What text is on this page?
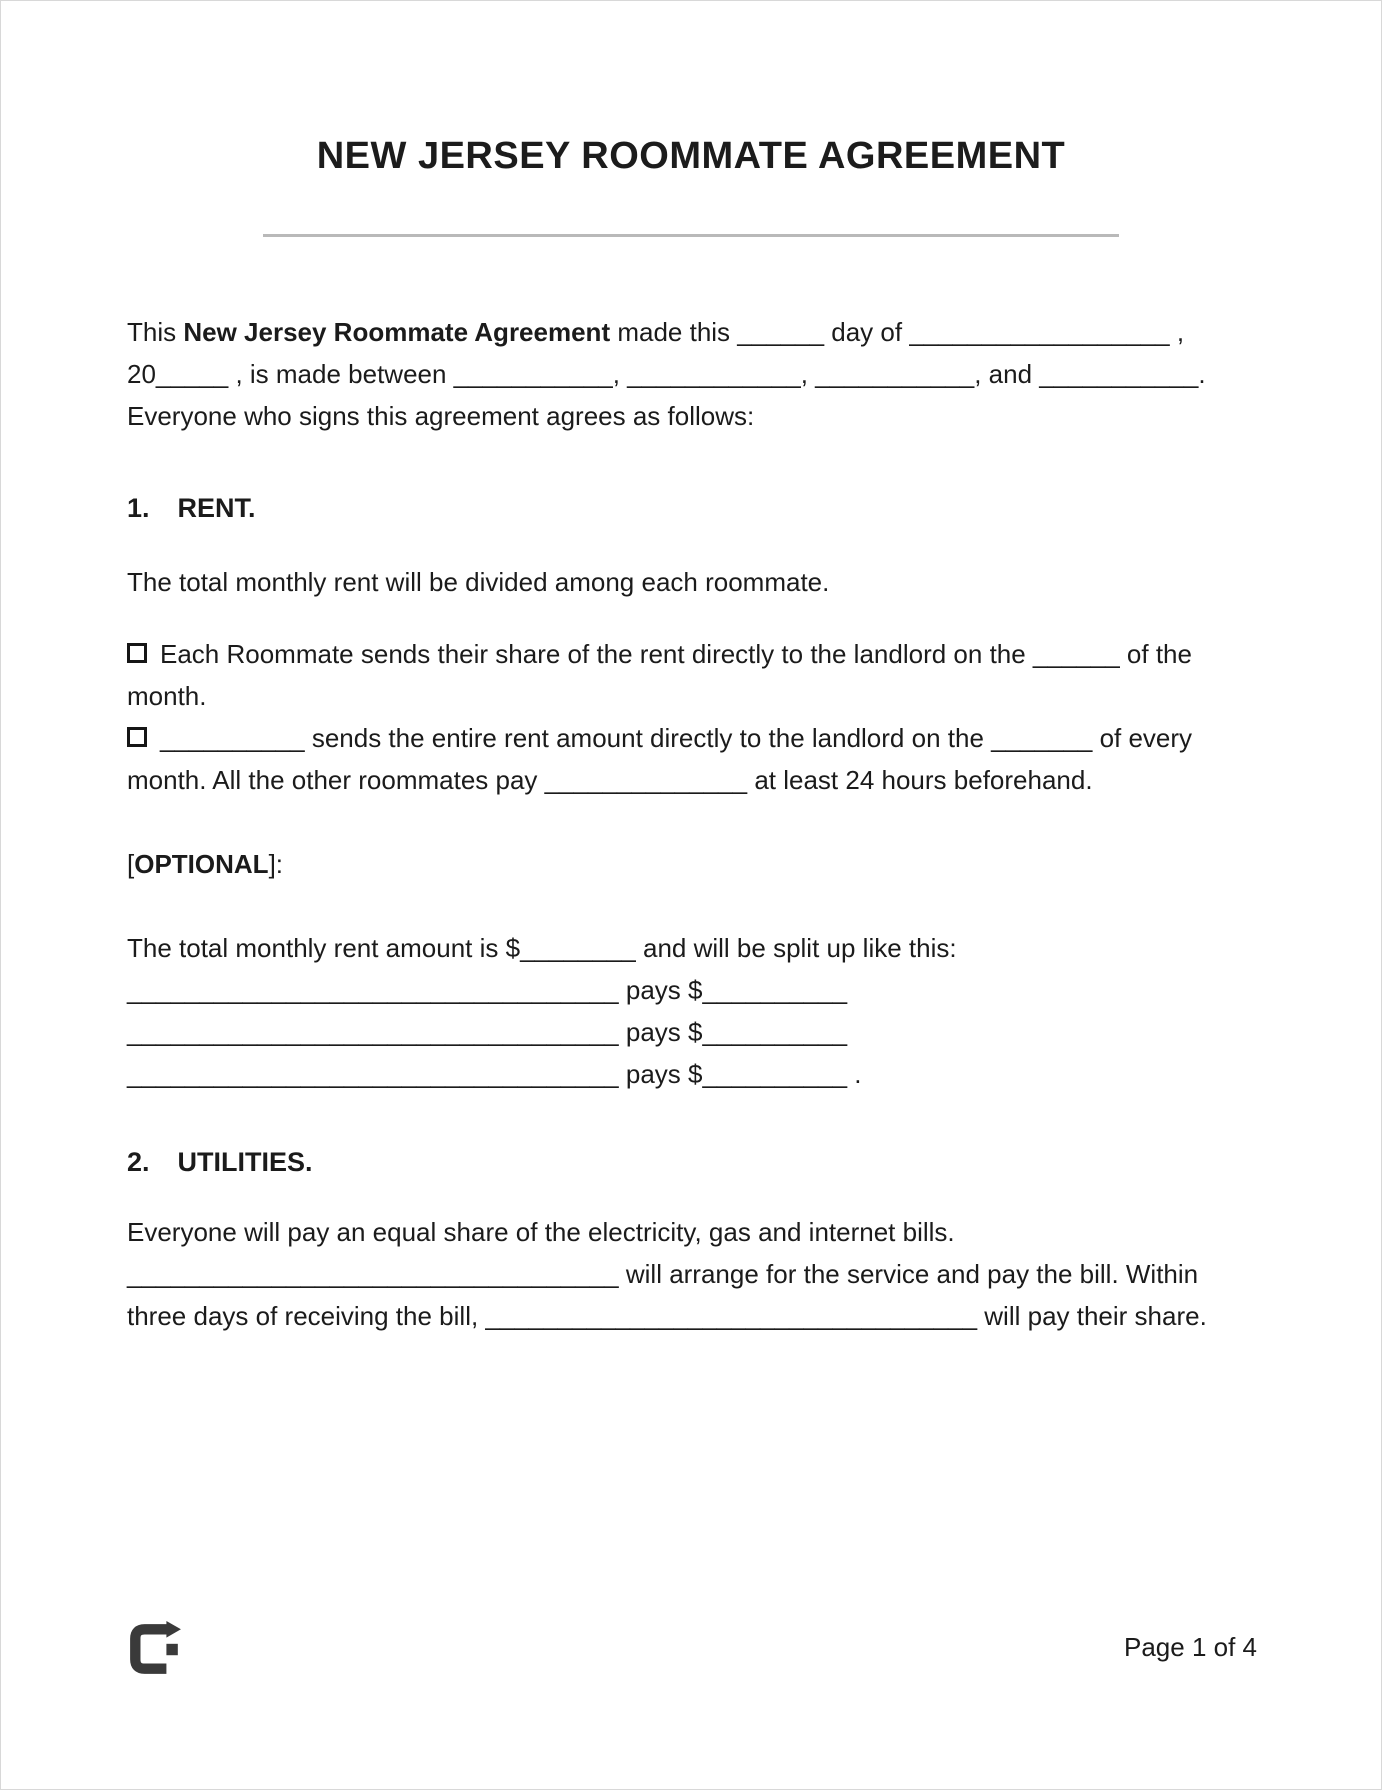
NEW JERSEY ROOMMATE AGREEMENT

This New Jersey Roommate Agreement made this ______ day of __________________ , 20_____ , is made between ___________, ____________, ___________, and ___________. Everyone who signs this agreement agrees as follows:

1. RENT.

The total monthly rent will be divided among each roommate.

Each Roommate sends their share of the rent directly to the landlord on the ______ of the month.

__________ sends the entire rent amount directly to the landlord on the _______ of every month. All the other roommates pay ______________ at least 24 hours beforehand.

[OPTIONAL]:

The total monthly rent amount is $________ and will be split up like this:

__________________________________ pays $__________

__________________________________ pays $__________

__________________________________ pays $__________ .

2. UTILITIES.

Everyone will pay an equal share of the electricity, gas and internet bills.

__________________________________ will arrange for the service and pay the bill. Within three days of receiving the bill, __________________________________ will pay their share.

Page 1 of 4
